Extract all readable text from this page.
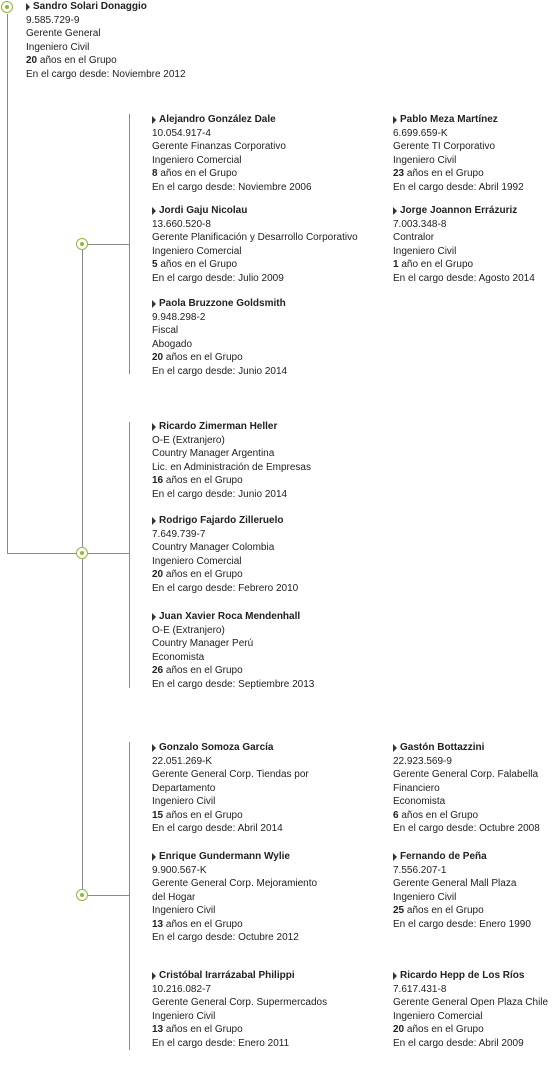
Sandro Solari Donaggio
9.585.729-9
Gerente General
Ingeniero Civil
20 años en el Grupo
En el cargo desde: Noviembre 2012
Alejandro González Dale
10.054.917-4
Gerente Finanzas Corporativo
Ingeniero Comercial
8 años en el Grupo
En el cargo desde: Noviembre 2006
Jordi Gaju Nicolau
13.660.520-8
Gerente Planificación y Desarrollo Corporativo
Ingeniero Comercial
5 años en el Grupo
En el cargo desde: Julio 2009
Paola Bruzzone Goldsmith
9.948.298-2
Fiscal
Abogado
20 años en el Grupo
En el cargo desde: Junio 2014
Pablo Meza Martínez
6.699.659-K
Gerente TI Corporativo
Ingeniero Civil
23 años en el Grupo
En el cargo desde: Abril 1992
Jorge Joannon Errázuriz
7.003.348-8
Contralor
Ingeniero Civil
1 año en el Grupo
En el cargo desde: Agosto 2014
Ricardo Zimerman Heller
O-E (Extranjero)
Country Manager Argentina
Lic. en Administración de Empresas
16 años en el Grupo
En el cargo desde: Junio 2014
Rodrigo Fajardo Zilleruelo
7.649.739-7
Country Manager Colombia
Ingeniero Comercial
20 años en el Grupo
En el cargo desde: Febrero 2010
Juan Xavier Roca Mendenhall
O-E (Extranjero)
Country Manager Perú
Economista
26 años en el Grupo
En el cargo desde: Septiembre 2013
Gonzalo Somoza García
22.051.269-K
Gerente General Corp. Tiendas por
Departamento
Ingeniero Civil
15 años en el Grupo
En el cargo desde: Abril 2014
Enrique Gundermann Wylie
9.900.567-K
Gerente General Corp. Mejoramiento
del Hogar
Ingeniero Civil
13 años en el Grupo
En el cargo desde: Octubre 2012
Cristóbal Irarrázabal Philippi
10.216.082-7
Gerente General Corp. Supermercados
Ingeniero Civil
13 años en el Grupo
En el cargo desde: Enero 2011
Gastón Bottazzini
22.923.569-9
Gerente General Corp. Falabella
Financiero
Economista
6 años en el Grupo
En el cargo desde: Octubre 2008
Fernando de Peña
7.556.207-1
Gerente General Mall Plaza
Ingeniero Civil
25 años en el Grupo
En el cargo desde: Enero 1990
Ricardo Hepp de Los Ríos
7.617.431-8
Gerente General Open Plaza Chile
Ingeniero Comercial
20 años en el Grupo
En el cargo desde: Abril 2009
